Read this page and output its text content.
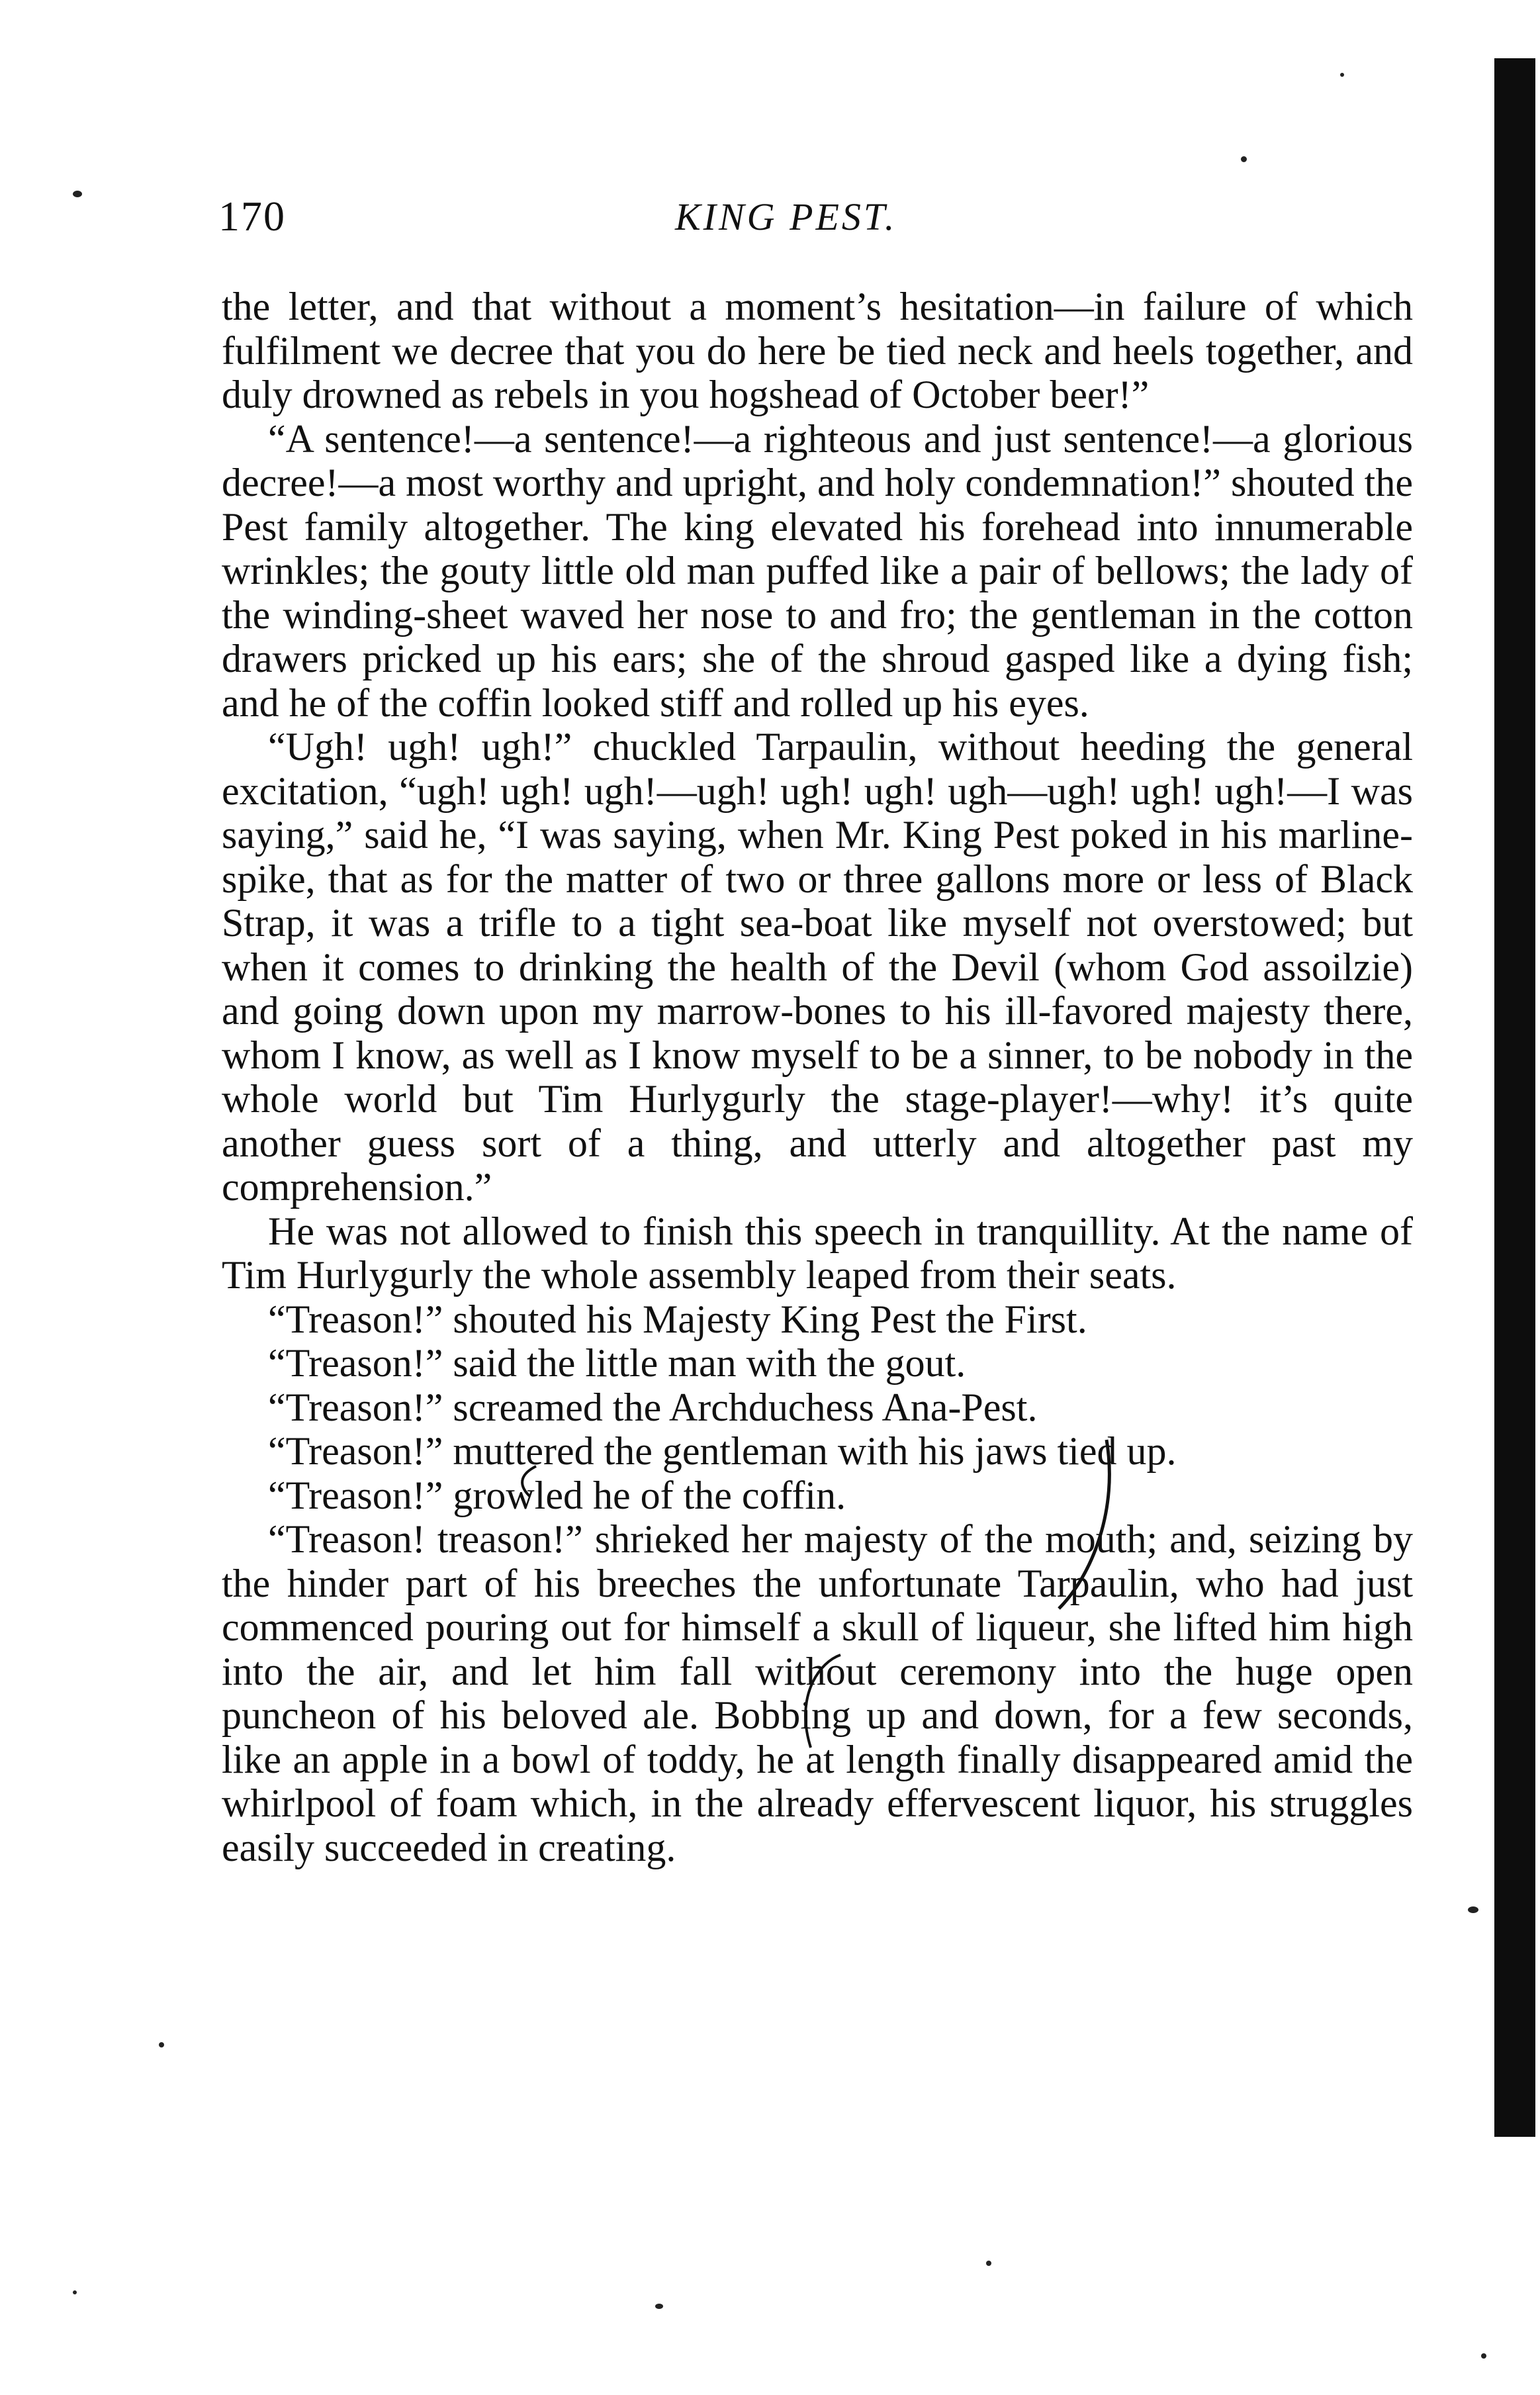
170	KING PEST.

the letter, and that without a moment’s hesitation—in failure of which fulfilment we decree that you do here be tied neck and heels together, and duly drowned as rebels in you hogshead of October beer!”

“A sentence!—a sentence!—a righteous and just sentence!—a glorious decree!—a most worthy and upright, and holy condemnation!” shouted the Pest family altogether. The king elevated his forehead into innumerable wrinkles; the gouty little old man puffed like a pair of bellows; the lady of the winding-sheet waved her nose to and fro; the gentleman in the cotton drawers pricked up his ears; she of the shroud gasped like a dying fish; and he of the coffin looked stiff and rolled up his eyes.

“Ugh! ugh! ugh!” chuckled Tarpaulin, without heeding the general excitation, “ugh! ugh! ugh!—ugh! ugh! ugh! ugh—ugh! ugh! ugh!—I was saying,” said he, “I was saying, when Mr. King Pest poked in his marline-spike, that as for the matter of two or three gallons more or less of Black Strap, it was a trifle to a tight sea-boat like myself not overstowed; but when it comes to drinking the health of the Devil (whom God assoilzie) and going down upon my marrow-bones to his ill-favored majesty there, whom I know, as well as I know myself to be a sinner, to be nobody in the whole world but Tim Hurlygurly the stage-player!—why! it’s quite another guess sort of a thing, and utterly and altogether past my comprehension.”

He was not allowed to finish this speech in tranquillity. At the name of Tim Hurlygurly the whole assembly leaped from their seats.

“Treason!” shouted his Majesty King Pest the First.

“Treason!” said the little man with the gout.

“Treason!” screamed the Archduchess Ana-Pest.

“Treason!” muttered the gentleman with his jaws tied up.

“Treason!” growled he of the coffin.

“Treason! treason!” shrieked her majesty of the mouth; and, seizing by the hinder part of his breeches the unfortunate Tarpaulin, who had just commenced pouring out for himself a skull of liqueur, she lifted him high into the air, and let him fall without ceremony into the huge open puncheon of his beloved ale. Bobbing up and down, for a few seconds, like an apple in a bowl of toddy, he at length finally disappeared amid the whirlpool of foam which, in the already effervescent liquor, his struggles easily succeeded in creating.
